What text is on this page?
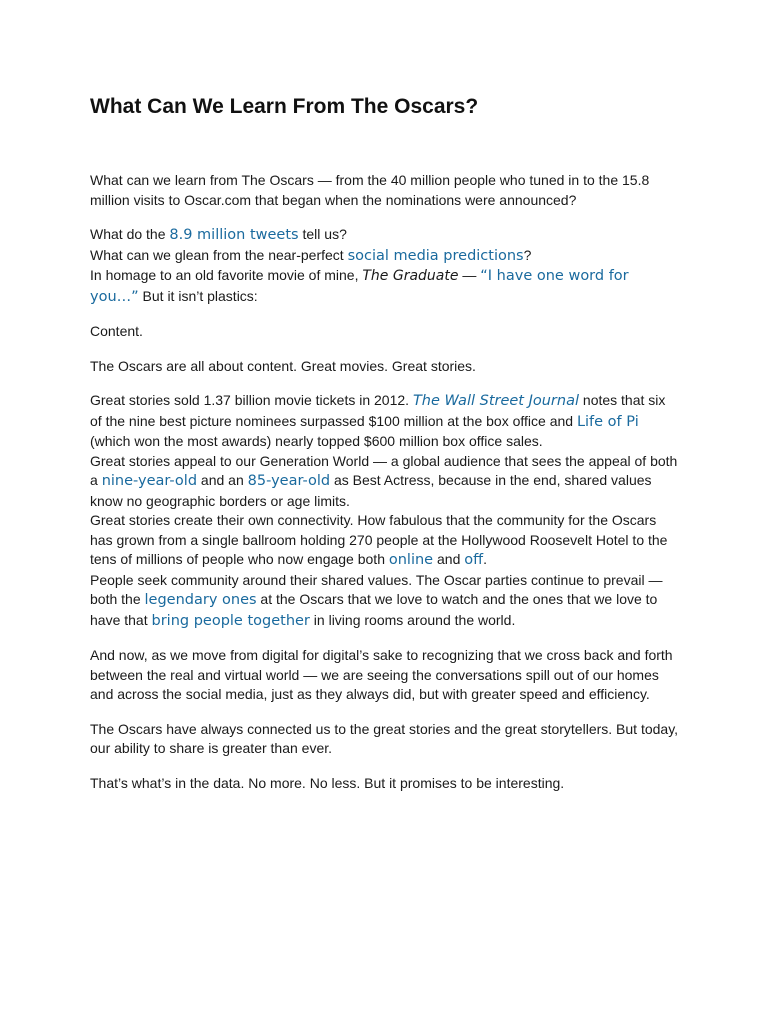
What Can We Learn From The Oscars?

What can we learn from The Oscars — from the 40 million people who tuned in to the 15.8 million visits to Oscar.com that began when the nominations were announced?

What do the 8.9 million tweets tell us?
What can we glean from the near-perfect social media predictions?
In homage to an old favorite movie of mine, The Graduate — “I have one word for you…” But it isn’t plastics:

Content.

The Oscars are all about content. Great movies. Great stories.

Great stories sold 1.37 billion movie tickets in 2012. The Wall Street Journal notes that six of the nine best picture nominees surpassed $100 million at the box office and Life of Pi (which won the most awards) nearly topped $600 million box office sales.
Great stories appeal to our Generation World — a global audience that sees the appeal of both a nine-year-old and an 85-year-old as Best Actress, because in the end, shared values know no geographic borders or age limits.
Great stories create their own connectivity. How fabulous that the community for the Oscars has grown from a single ballroom holding 270 people at the Hollywood Roosevelt Hotel to the tens of millions of people who now engage both online and off.
People seek community around their shared values. The Oscar parties continue to prevail — both the legendary ones at the Oscars that we love to watch and the ones that we love to have that bring people together in living rooms around the world.

And now, as we move from digital for digital’s sake to recognizing that we cross back and forth between the real and virtual world — we are seeing the conversations spill out of our homes and across the social media, just as they always did, but with greater speed and efficiency.

The Oscars have always connected us to the great stories and the great storytellers. But today, our ability to share is greater than ever.

That’s what’s in the data. No more. No less. But it promises to be interesting.
